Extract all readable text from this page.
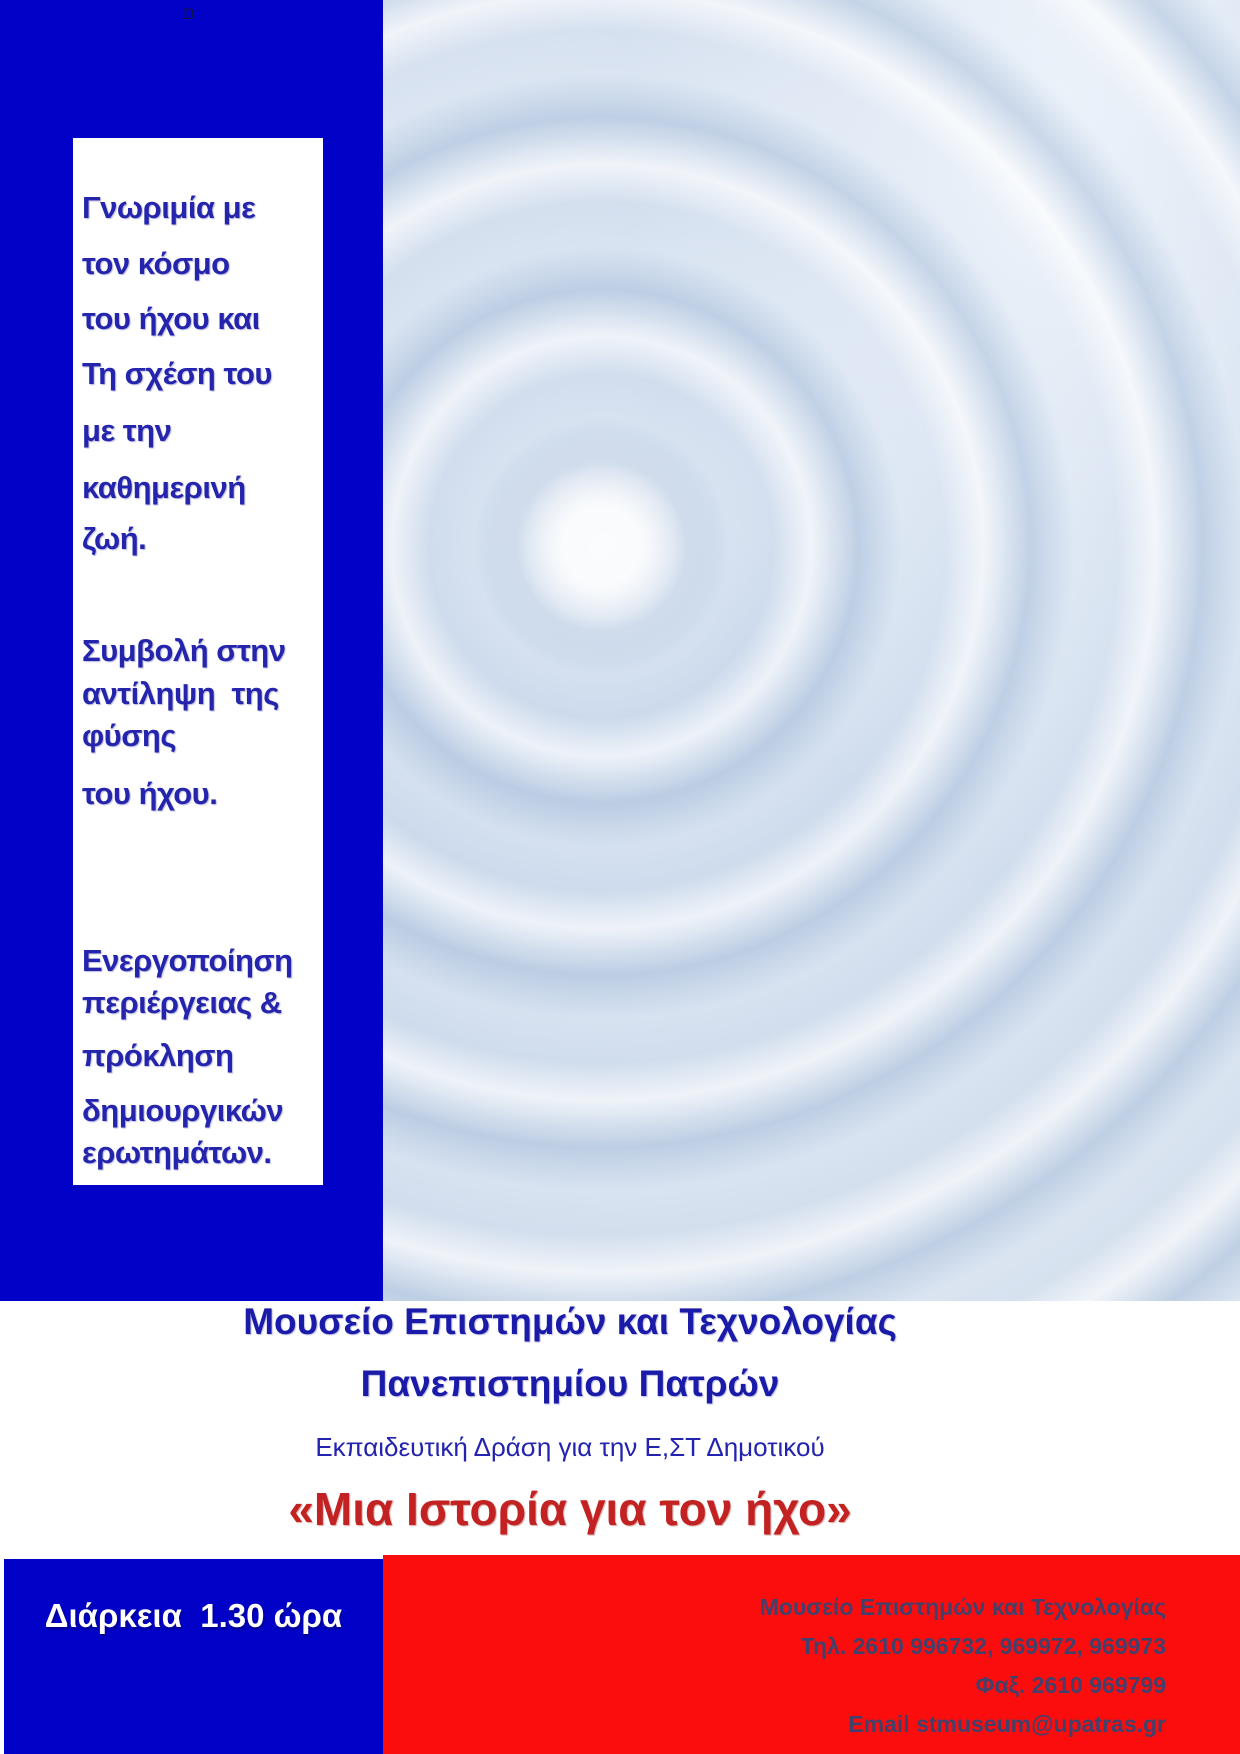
D
Γνωριμία με
τον κόσμο
του ήχου και
Τη σχέση του
με την
καθημερινή
ζωή.
Συμβολή στην
αντίληψη  της
φύσης
του ήχου.
Ενεργοποίηση
περιέργειας &
πρόκληση
δημιουργικών
ερωτημάτων.
Μουσείο Επιστημών και Τεχνολογίας
Πανεπιστημίου Πατρών
Εκπαιδευτική Δράση για την Ε,ΣΤ Δημοτικού
«Μια Ιστορία για τον ήχο»
Διάρκεια  1.30 ώρα	Μουσείο Επιστημών και Τεχνολογίας
Τηλ. 2610 996732, 969972, 969973
Φαξ. 2610 969799
Email stmuseum@upatras.gr
